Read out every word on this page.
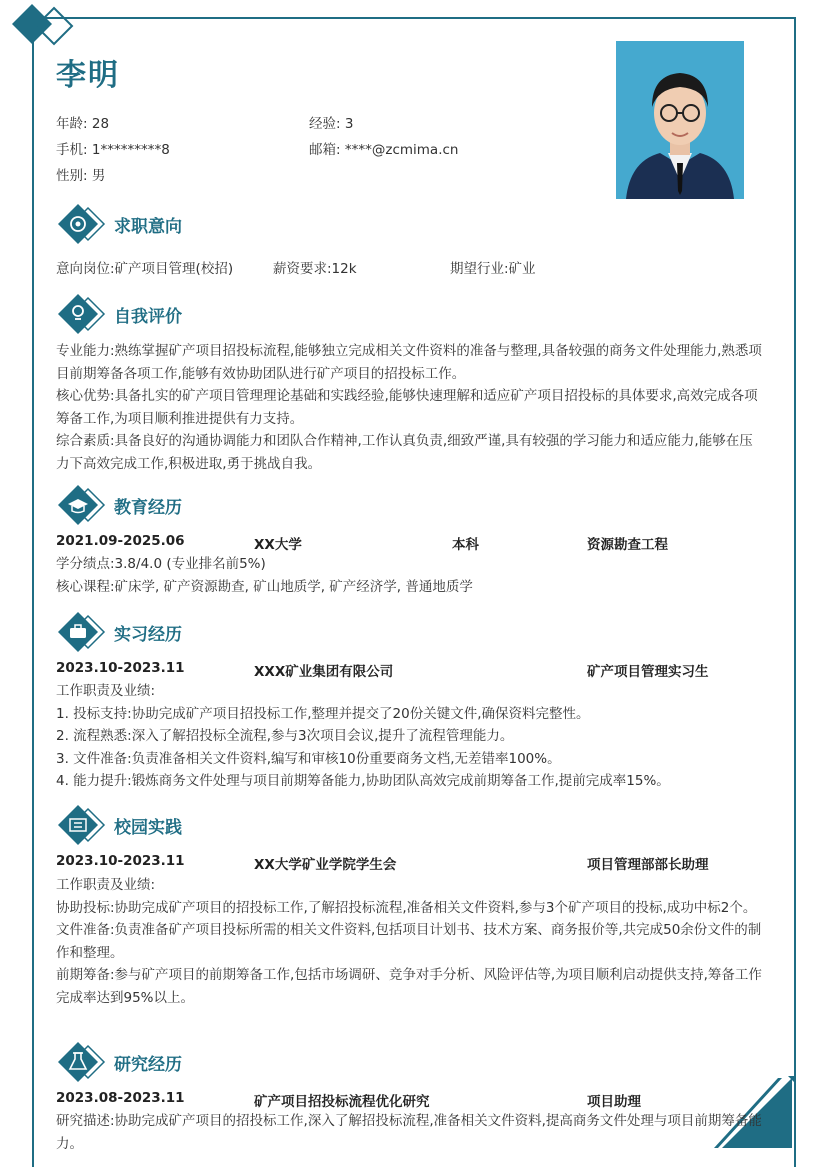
李明
年龄: 28	经验: 3
手机: 1*********8	邮箱: ****@zcmima.cn
性别: 男
求职意向
意向岗位:矿产项目管理(校招)	薪资要求:12k	期望行业:矿业
自我评价
专业能力:熟练掌握矿产项目招投标流程,能够独立完成相关文件资料的准备与整理,具备较强的商务文件处理能力,熟悉项目前期筹备各项工作,能够有效协助团队进行矿产项目的招投标工作。
核心优势:具备扎实的矿产项目管理理论基础和实践经验,能够快速理解和适应矿产项目招投标的具体要求,高效完成各项筹备工作,为项目顺利推进提供有力支持。
综合素质:具备良好的沟通协调能力和团队合作精神,工作认真负责,细致严谨,具有较强的学习能力和适应能力,能够在压力下高效完成工作,积极进取,勇于挑战自我。
教育经历
2021.09-2025.06	XX大学	本科	资源勘查工程
学分绩点:3.8/4.0 (专业排名前5%)
核心课程:矿床学, 矿产资源勘查, 矿山地质学, 矿产经济学, 普通地质学
实习经历
2023.10-2023.11	XXX矿业集团有限公司	矿产项目管理实习生
工作职责及业绩:
1. 投标支持:协助完成矿产项目招投标工作,整理并提交了20份关键文件,确保资料完整性。
2. 流程熟悉:深入了解招投标全流程,参与3次项目会议,提升了流程管理能力。
3. 文件准备:负责准备相关文件资料,编写和审核10份重要商务文档,无差错率100%。
4. 能力提升:锻炼商务文件处理与项目前期筹备能力,协助团队高效完成前期筹备工作,提前完成率15%。
校园实践
2023.10-2023.11	XX大学矿业学院学生会	项目管理部部长助理
工作职责及业绩:
协助投标:协助完成矿产项目的招投标工作,了解招投标流程,准备相关文件资料,参与3个矿产项目的投标,成功中标2个。
文件准备:负责准备矿产项目投标所需的相关文件资料,包括项目计划书、技术方案、商务报价等,共完成50余份文件的制作和整理。
前期筹备:参与矿产项目的前期筹备工作,包括市场调研、竞争对手分析、风险评估等,为项目顺利启动提供支持,筹备工作完成率达到95%以上。
研究经历
2023.08-2023.11	矿产项目招投标流程优化研究	项目助理
研究描述:协助完成矿产项目的招投标工作,深入了解招投标流程,准备相关文件资料,提高商务文件处理与项目前期筹备能力。
